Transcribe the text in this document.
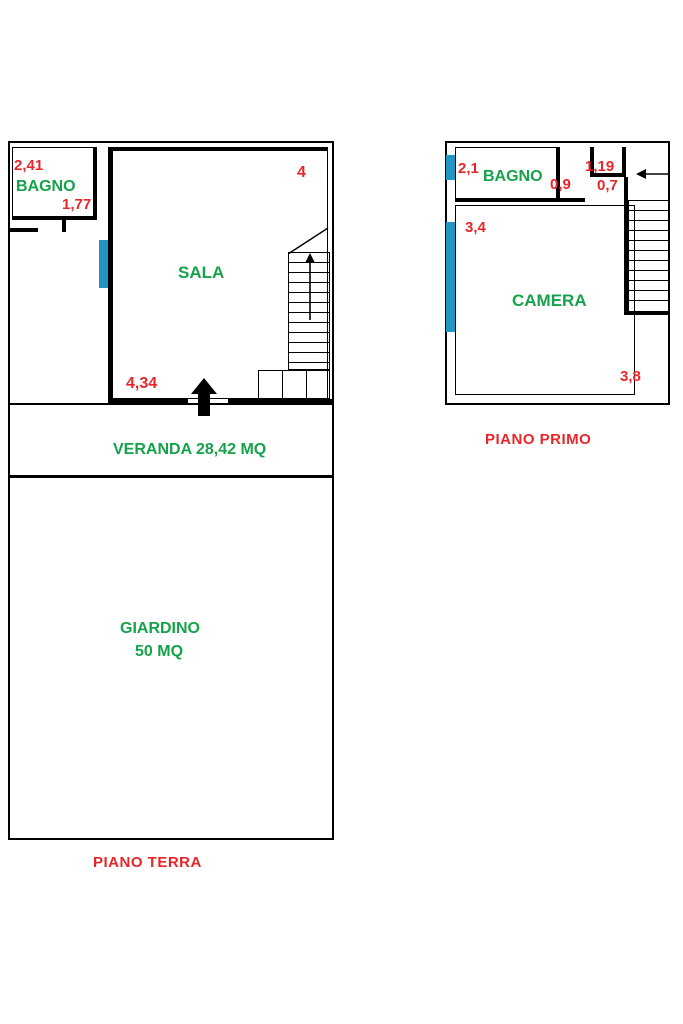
2,41
BAGNO
1,77
4
SALA
4,34
VERANDA 28,42 MQ
GIARDINO
50 MQ
PIANO TERRA
2,1 BAGNO 0,9
1,19
0,7
3,4
CAMERA
3,8
PIANO PRIMO
